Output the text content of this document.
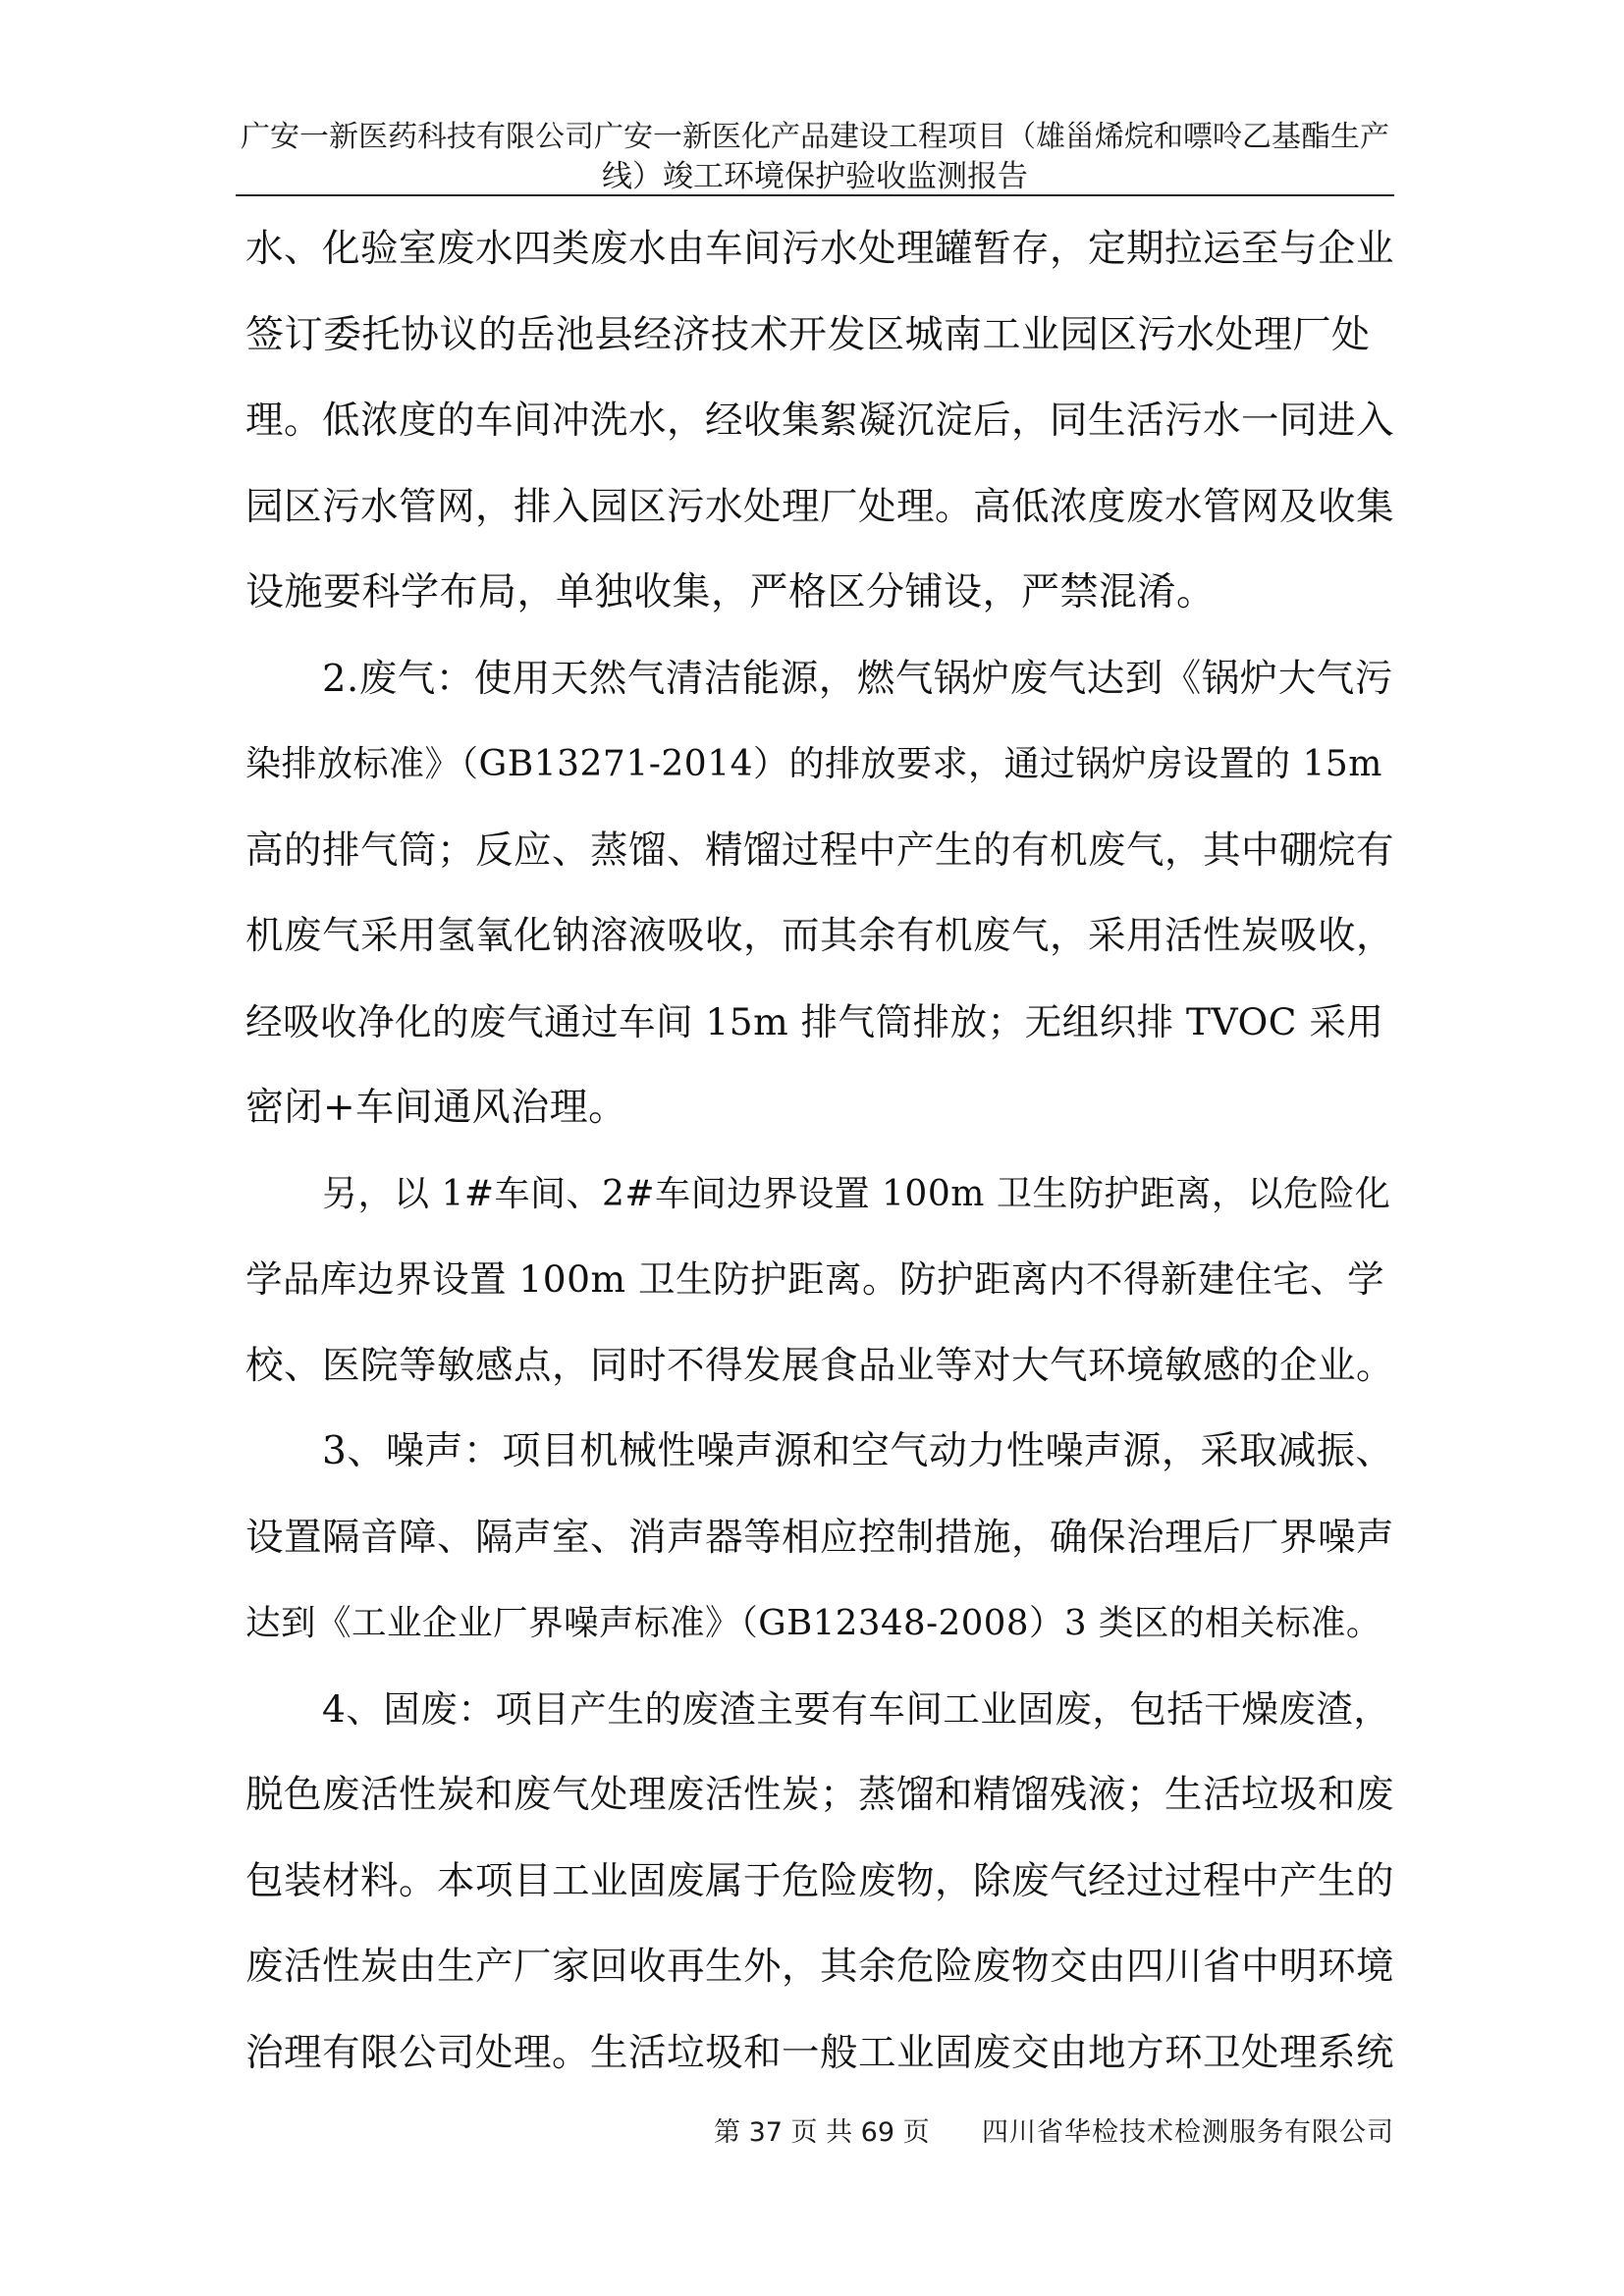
广安一新医药科技有限公司广安一新医化产品建设工程项目（雄甾烯烷和嘌呤乙基酯生产
线）竣工环境保护验收监测报告
水、化验室废水四类废水由车间污水处理罐暂存，定期拉运至与企业
签订委托协议的岳池县经济技术开发区城南工业园区污水处理厂处
理。低浓度的车间冲洗水，经收集絮凝沉淀后，同生活污水一同进入
园区污水管网，排入园区污水处理厂处理。高低浓度废水管网及收集
设施要科学布局，单独收集，严格区分铺设，严禁混淆。
2.废气：使用天然气清洁能源，燃气锅炉废气达到《锅炉大气污
染排放标准》（GB13271-2014）的排放要求，通过锅炉房设置的 15m
高的排气筒；反应、蒸馏、精馏过程中产生的有机废气，其中硼烷有
机废气采用氢氧化钠溶液吸收，而其余有机废气，采用活性炭吸收，
经吸收净化的废气通过车间 15m 排气筒排放；无组织排 TVOC 采用
密闭+车间通风治理。
另，以 1#车间、2#车间边界设置 100m 卫生防护距离，以危险化
学品库边界设置 100m 卫生防护距离。防护距离内不得新建住宅、学
校、医院等敏感点，同时不得发展食品业等对大气环境敏感的企业。
3、噪声：项目机械性噪声源和空气动力性噪声源，采取减振、
设置隔音障、隔声室、消声器等相应控制措施，确保治理后厂界噪声
达到《工业企业厂界噪声标准》（GB12348-2008）3 类区的相关标准。
4、固废：项目产生的废渣主要有车间工业固废，包括干燥废渣，
脱色废活性炭和废气处理废活性炭；蒸馏和精馏残液；生活垃圾和废
包装材料。本项目工业固废属于危险废物，除废气经过过程中产生的
废活性炭由生产厂家回收再生外，其余危险废物交由四川省中明环境
治理有限公司处理。生活垃圾和一般工业固废交由地方环卫处理系统
第 37 页 共 69 页 四川省华检技术检测服务有限公司
